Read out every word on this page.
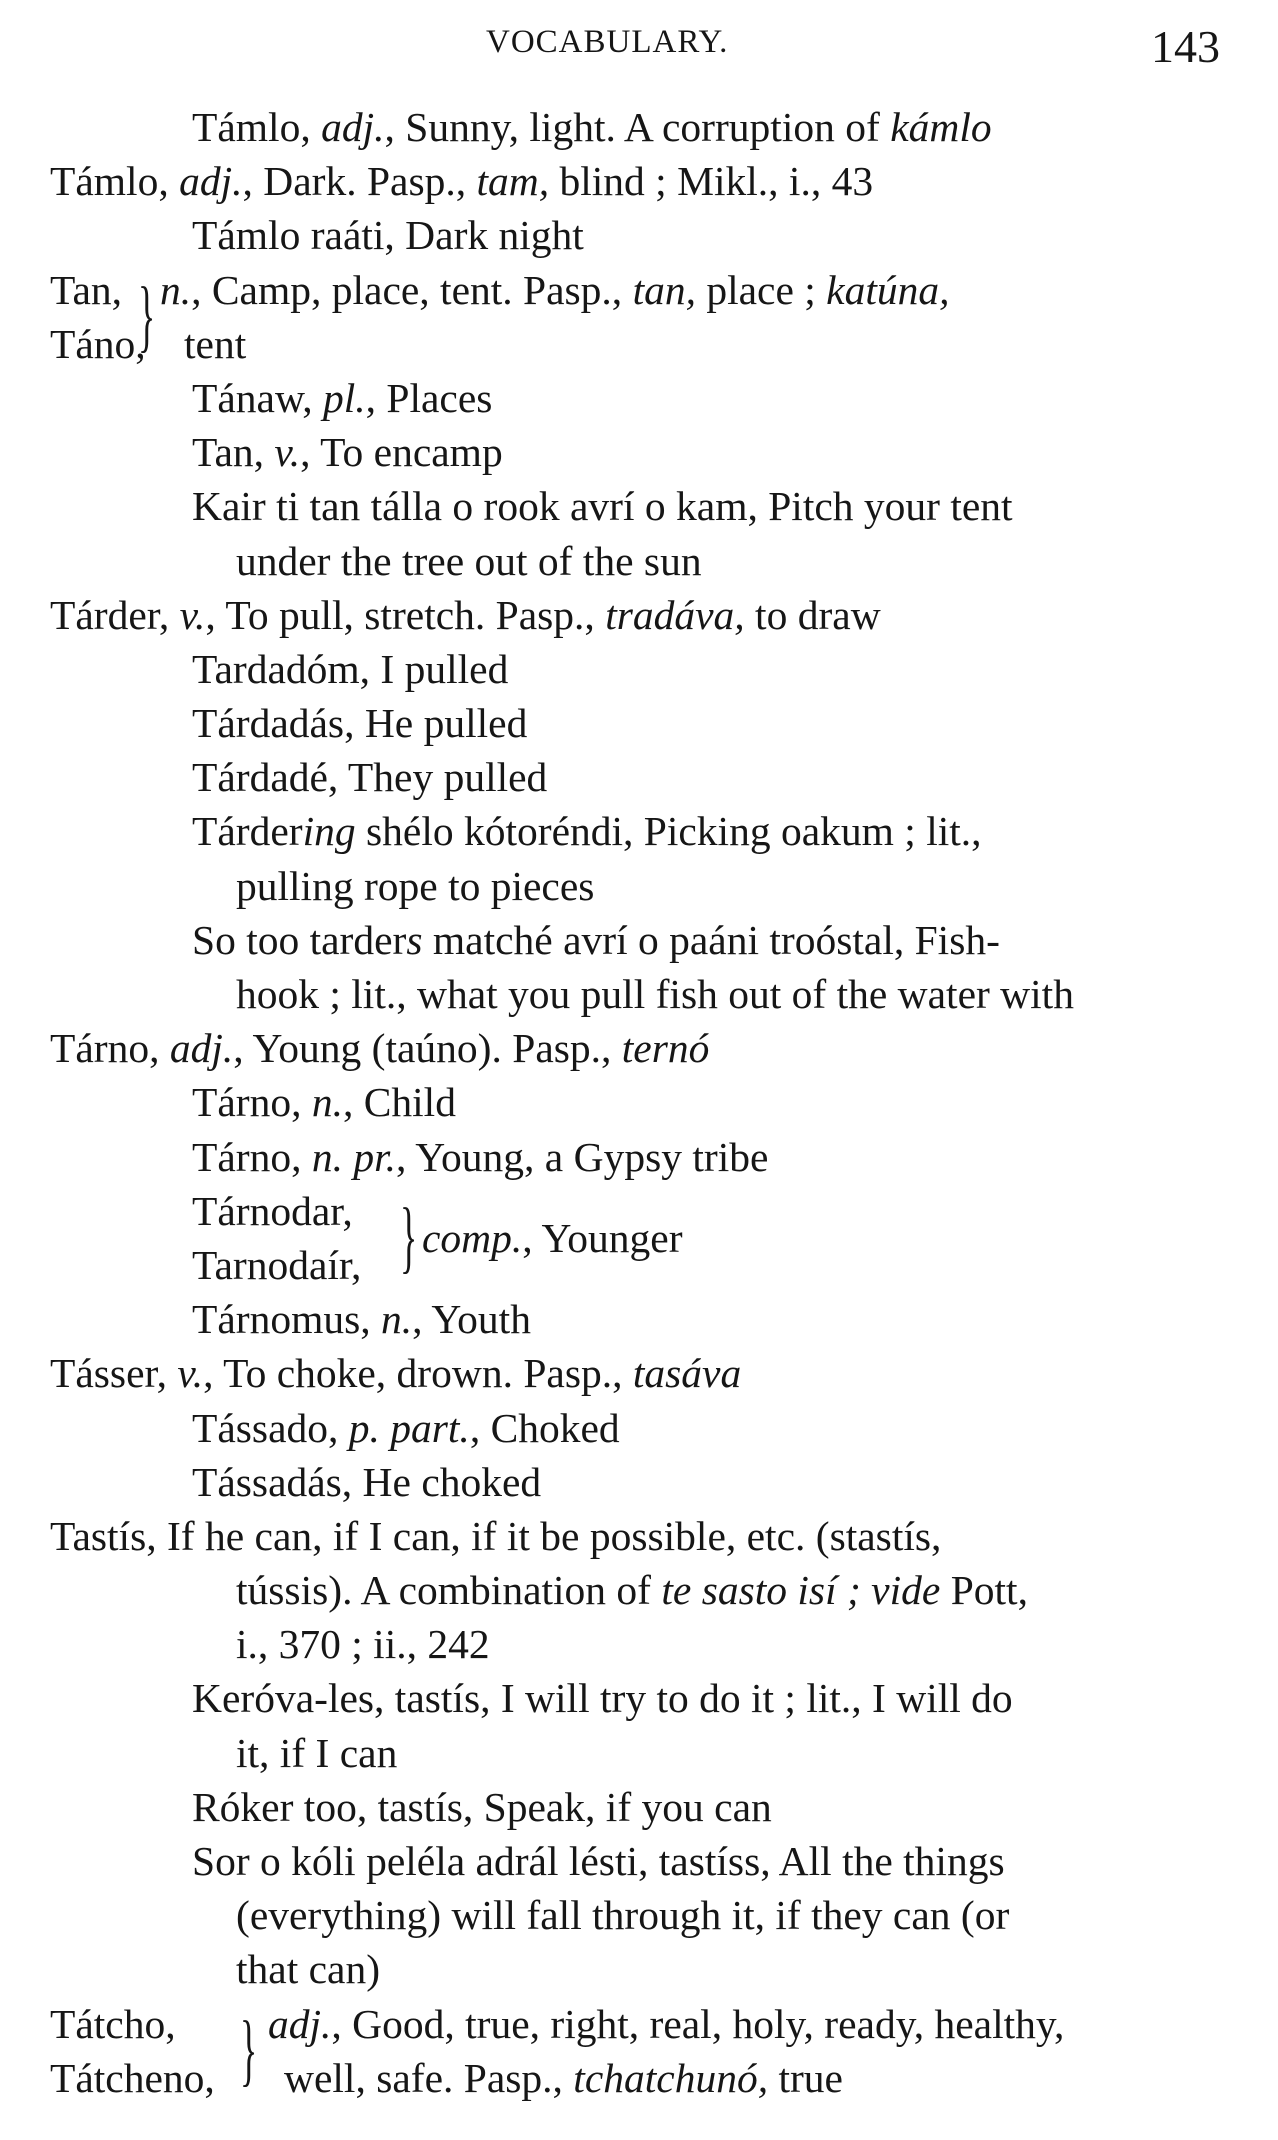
VOCABULARY.	143
Támlo, adj., Sunny, light. A corruption of kámlo
Támlo, adj., Dark. Pasp., tam, blind ; Mikl., i., 43
Támlo raáti, Dark night
Tan,
Táno,
} n., Camp, place, tent. Pasp., tan, place ; katúna,
tent
Tánaw, pl., Places
Tan, v., To encamp
Kair ti tan tálla o rook avrí o kam, Pitch your tent
under the tree out of the sun
Tárder, v., To pull, stretch. Pasp., tradáva, to draw
Tardadóm, I pulled
Tárdadás, He pulled
Tárdadé, They pulled
Tárdering shélo kótoréndi, Picking oakum ; lit.,
pulling rope to pieces
So too tarders matché avrí o paáni troóstal, Fish-
hook ; lit., what you pull fish out of the water with
Tárno, adj., Young (taúno). Pasp., ternó
Tárno, n., Child
Tárno, n. pr., Young, a Gypsy tribe
Tárnodar,
Tarnodaír, } comp., Younger
Tárnomus, n., Youth
Tásser, v., To choke, drown. Pasp., tasáva
Tássado, p. part., Choked
Tássadás, He choked
Tastís, If he can, if I can, if it be possible, etc. (stastís,
tússis). A combination of te sasto isí ; vide Pott,
i., 370 ; ii., 242
Keróva-les, tastís, I will try to do it ; lit., I will do
it, if I can
Róker too, tastís, Speak, if you can
Sor o kóli peléla adrál lésti, tastíss, All the things
(everything) will fall through it, if they can (or
that can)
Tátcho,
Tátcheno, } adj., Good, true, right, real, holy, ready, healthy,
well, safe. Pasp., tchatchunó, true
